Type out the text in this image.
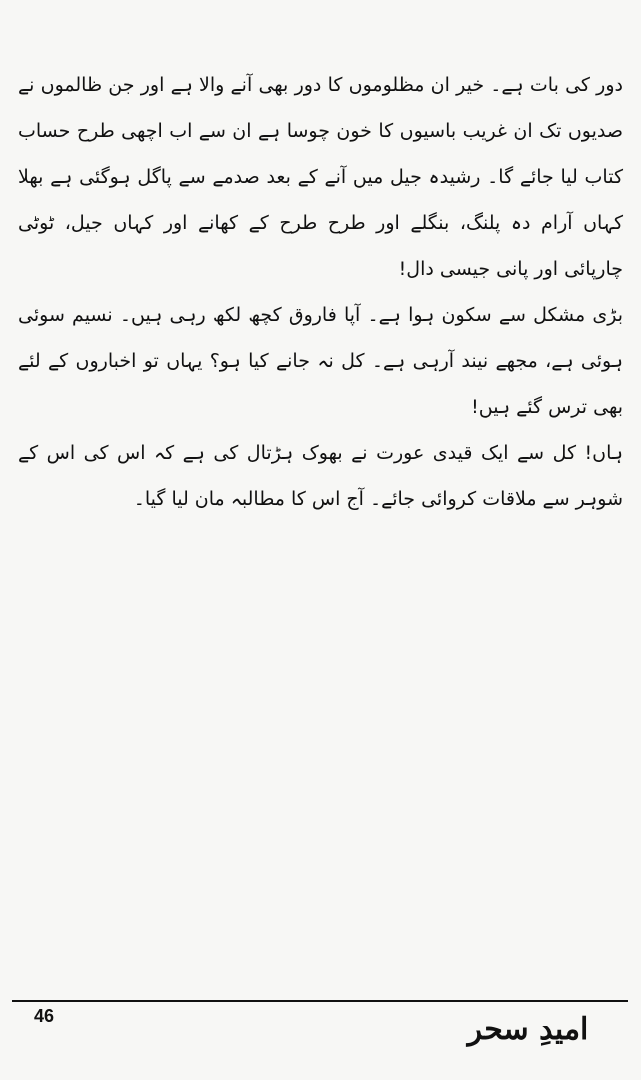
دور کی بات ہے۔ خیر ان مظلوموں کا دور بھی آنے والا ہے اور جن ظالموں نے صدیوں تک ان غریب باسیوں کا خون چوسا ہے ان سے اب اچھی طرح حساب کتاب لیا جائے گا۔ رشیدہ جیل میں آنے کے بعد صدمے سے پاگل ہوگئی ہے بھلا کہاں آرام دہ پلنگ، بنگلے اور طرح طرح کے کھانے اور کہاں جیل، ٹوٹی چارپائی اور پانی جیسی دال!

بڑی مشکل سے سکون ہوا ہے۔ آپا فاروق کچھ لکھ رہی ہیں۔ نسیم سوئی ہوئی ہے، مجھے نیند آرہی ہے۔ کل نہ جانے کیا ہو؟ یہاں تو اخباروں کے لئے بھی ترس گئے ہیں!

ہاں! کل سے ایک قیدی عورت نے بھوک ہڑتال کی ہے کہ اس کی اس کے شوہر سے ملاقات کروائی جائے۔ آج اس کا مطالبہ مان لیا گیا۔

46	امیدِ سحر
